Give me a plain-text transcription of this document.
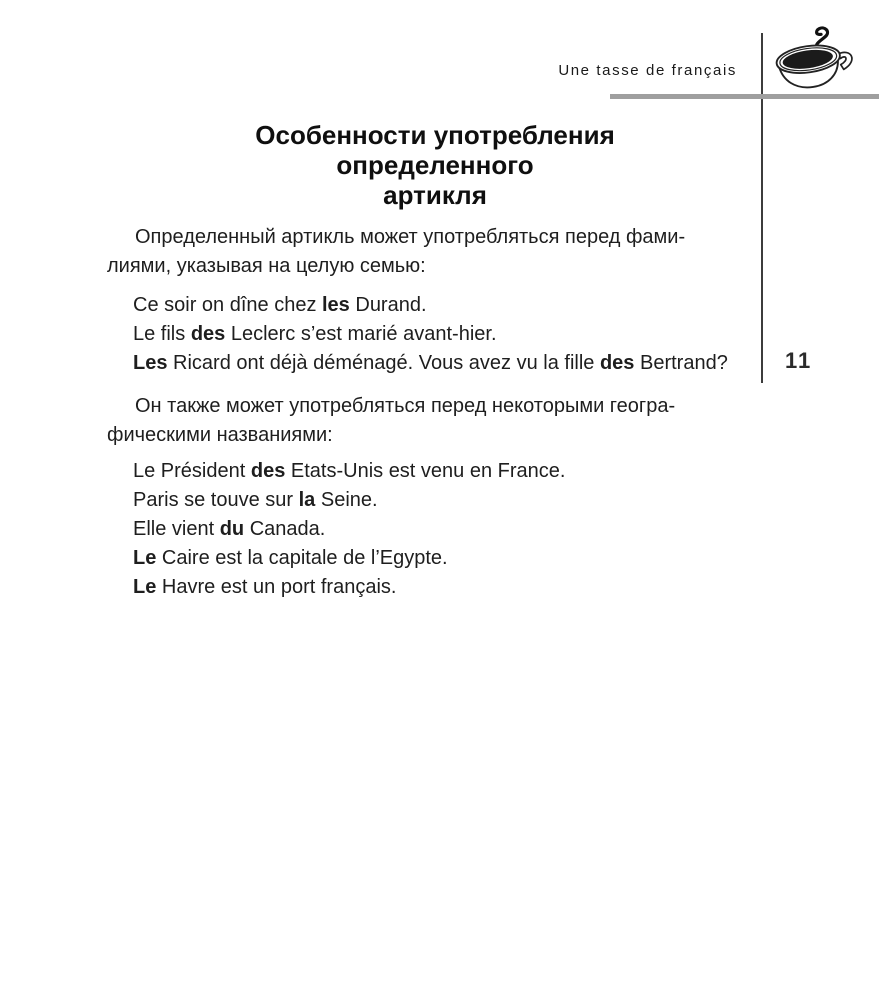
Une tasse de français
11
Особенности употребления
определенного
артикля
Определенный артикль может употребляться перед фами-
лиями, указывая на целую семью:
Ce soir on dîne chez les Durand.
Le fils des Leclerc s’est marié avant-hier.
Les Ricard ont déjà déménagé. Vous avez vu la fille des Bertrand?
Он также может употребляться перед некоторыми геогра-
фическими названиями:
Le Président des Etats-Unis est venu en France.
Paris se touve sur la Seine.
Elle vient du Canada.
Le Caire est la capitale de l’Egypte.
Le Havre est un port français.
